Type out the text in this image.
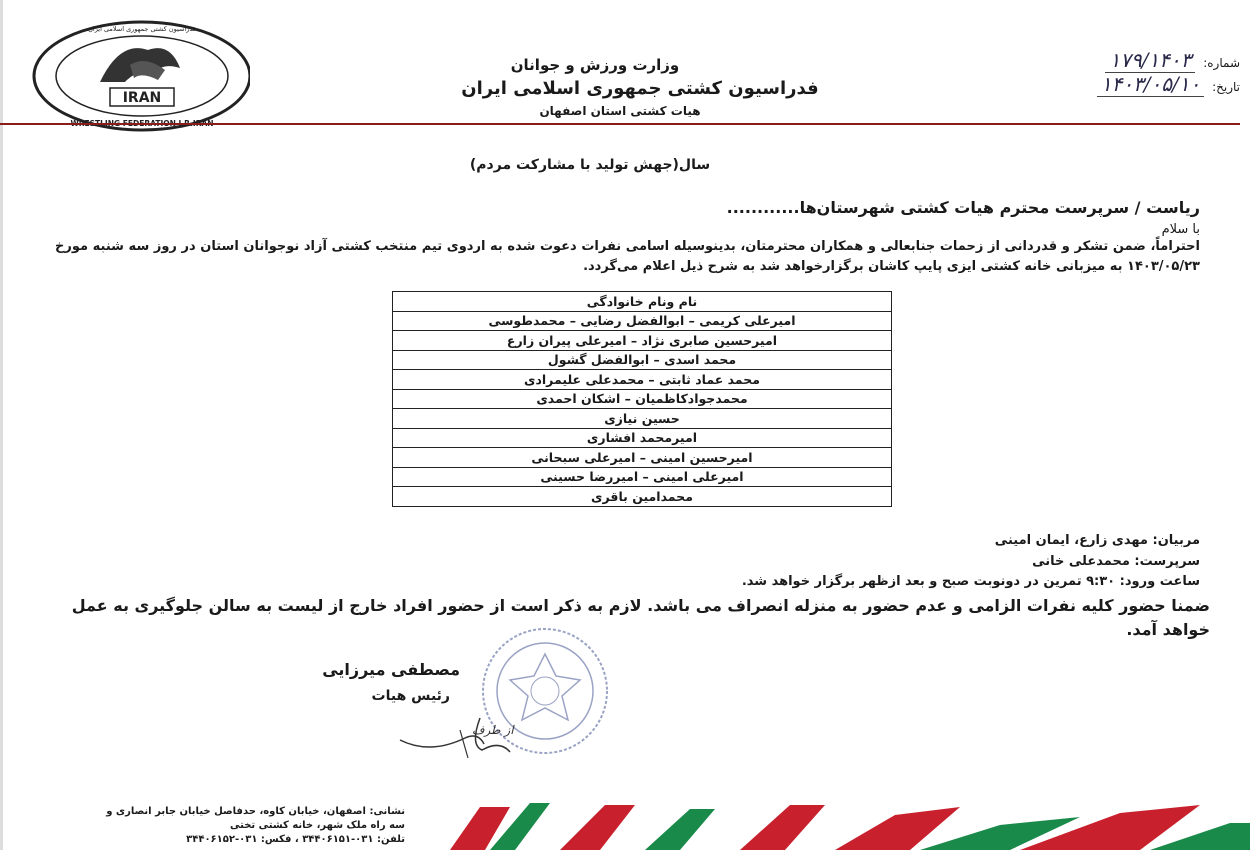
IRAN
فدراسیون کشتی جمهوری اسلامی ایران
وزارت ورزش و جوانان
فدراسیون کشتی جمهوری اسلامی ایران
هیات کشتی استان اصفهان
شماره: ۱۷۹/۱۴۰۳
تاریخ: ۱۴۰۳/۰۵/۱۰
سال(جهش تولید با مشارکت مردم)
ریاست / سرپرست محترم هیات کشتی شهرستان‌ها............
با سلام
احتراماً، ضمن تشکر و قدردانی از زحمات جنابعالی و همکاران محترمتان، بدینوسیله اسامی نفرات دعوت شده به اردوی تیم منتخب کشتی آزاد نوجوانان استان در روز سه شنبه مورخ ۱۴۰۳/۰۵/۲۳ به میزبانی خانه کشتی ایزی پایپ کاشان برگزارخواهد شد به شرح ذیل اعلام می‌گردد.
نام ونام خانوادگی
امیرعلی کریمی – ابوالفضل رضایی – محمدطوسی
امیرحسین صابری نژاد – امیرعلی پیران زارع
محمد اسدی – ابوالفضل گشول
محمد عماد ثابتی – محمدعلی علیمرادی
محمدجوادکاظمیان – اشکان احمدی
حسین نیازی
امیرمحمد افشاری
امیرحسین امینی – امیرعلی سبحانی
امیرعلی امینی – امیررضا حسینی
محمدامین باقری
مربیان: مهدی زارع، ایمان امینی
سرپرست: محمدعلی خانی
ساعت ورود: ۹:۳۰ تمرین در دونوبت صبح و بعد ازظهر برگزار خواهد شد.
ضمنا حضور کلیه نفرات الزامی و عدم حضور به منزله انصراف می باشد. لازم به ذکر است از حضور افراد خارج از لیست به سالن جلوگیری به عمل خواهد آمد.
مصطفی میرزایی
رئیس هیات
از طرف
نشانی: اصفهان، خیابان کاوه، حدفاصل خیابان جابر انصاری و
سه راه ملک شهر، خانه کشتی تختی
تلفن: ۰۳۱-۳۴۴۰۶۱۵۱ ، فکس: ۰۳۱-۳۴۴۰۶۱۵۲
